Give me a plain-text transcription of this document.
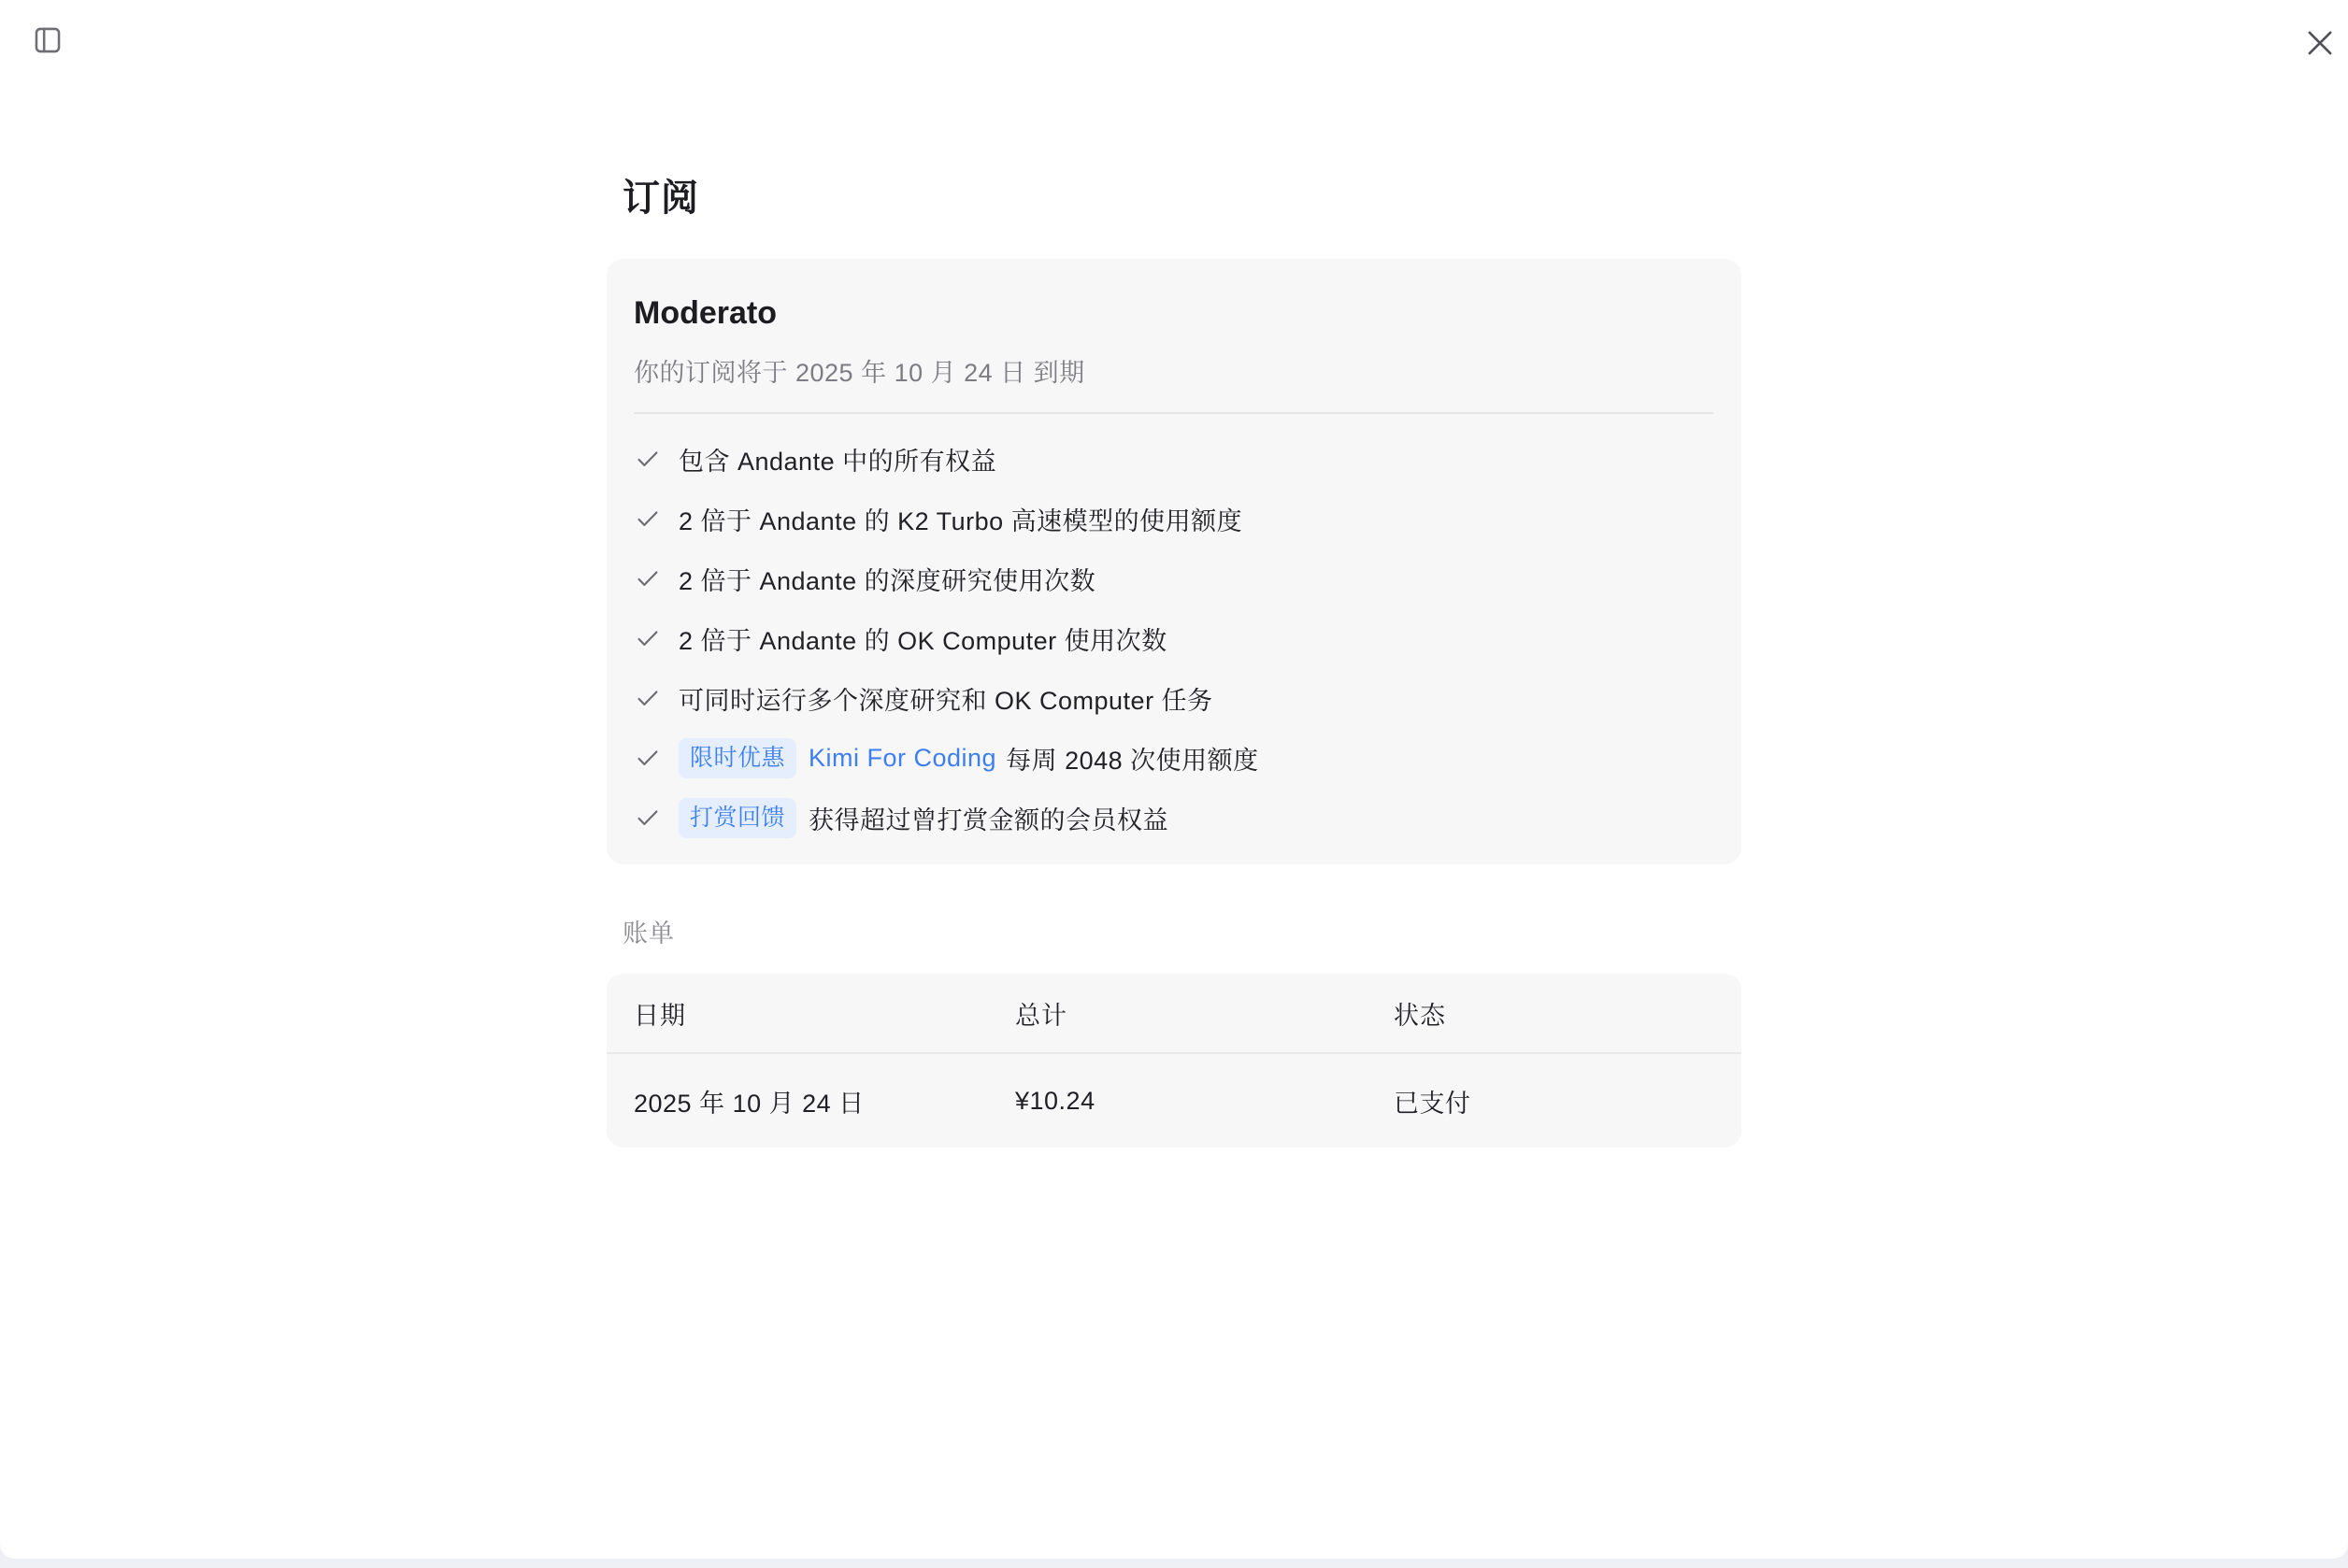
订阅
Moderato

你的订阅将于 2025 年 10 月 24 日 到期

包含 Andante 中的所有权益
2 倍于 Andante 的 K2 Turbo 高速模型的使用额度
2 倍于 Andante 的深度研究使用次数
2 倍于 Andante 的 OK Computer 使用次数
可同时运行多个深度研究和 OK Computer 任务
限时优惠 Kimi For Coding 每周 2048 次使用额度
打赏回馈 获得超过曾打赏金额的会员权益
账单
日期	总计	状态
2025 年 10 月 24 日	¥10.24	已支付
